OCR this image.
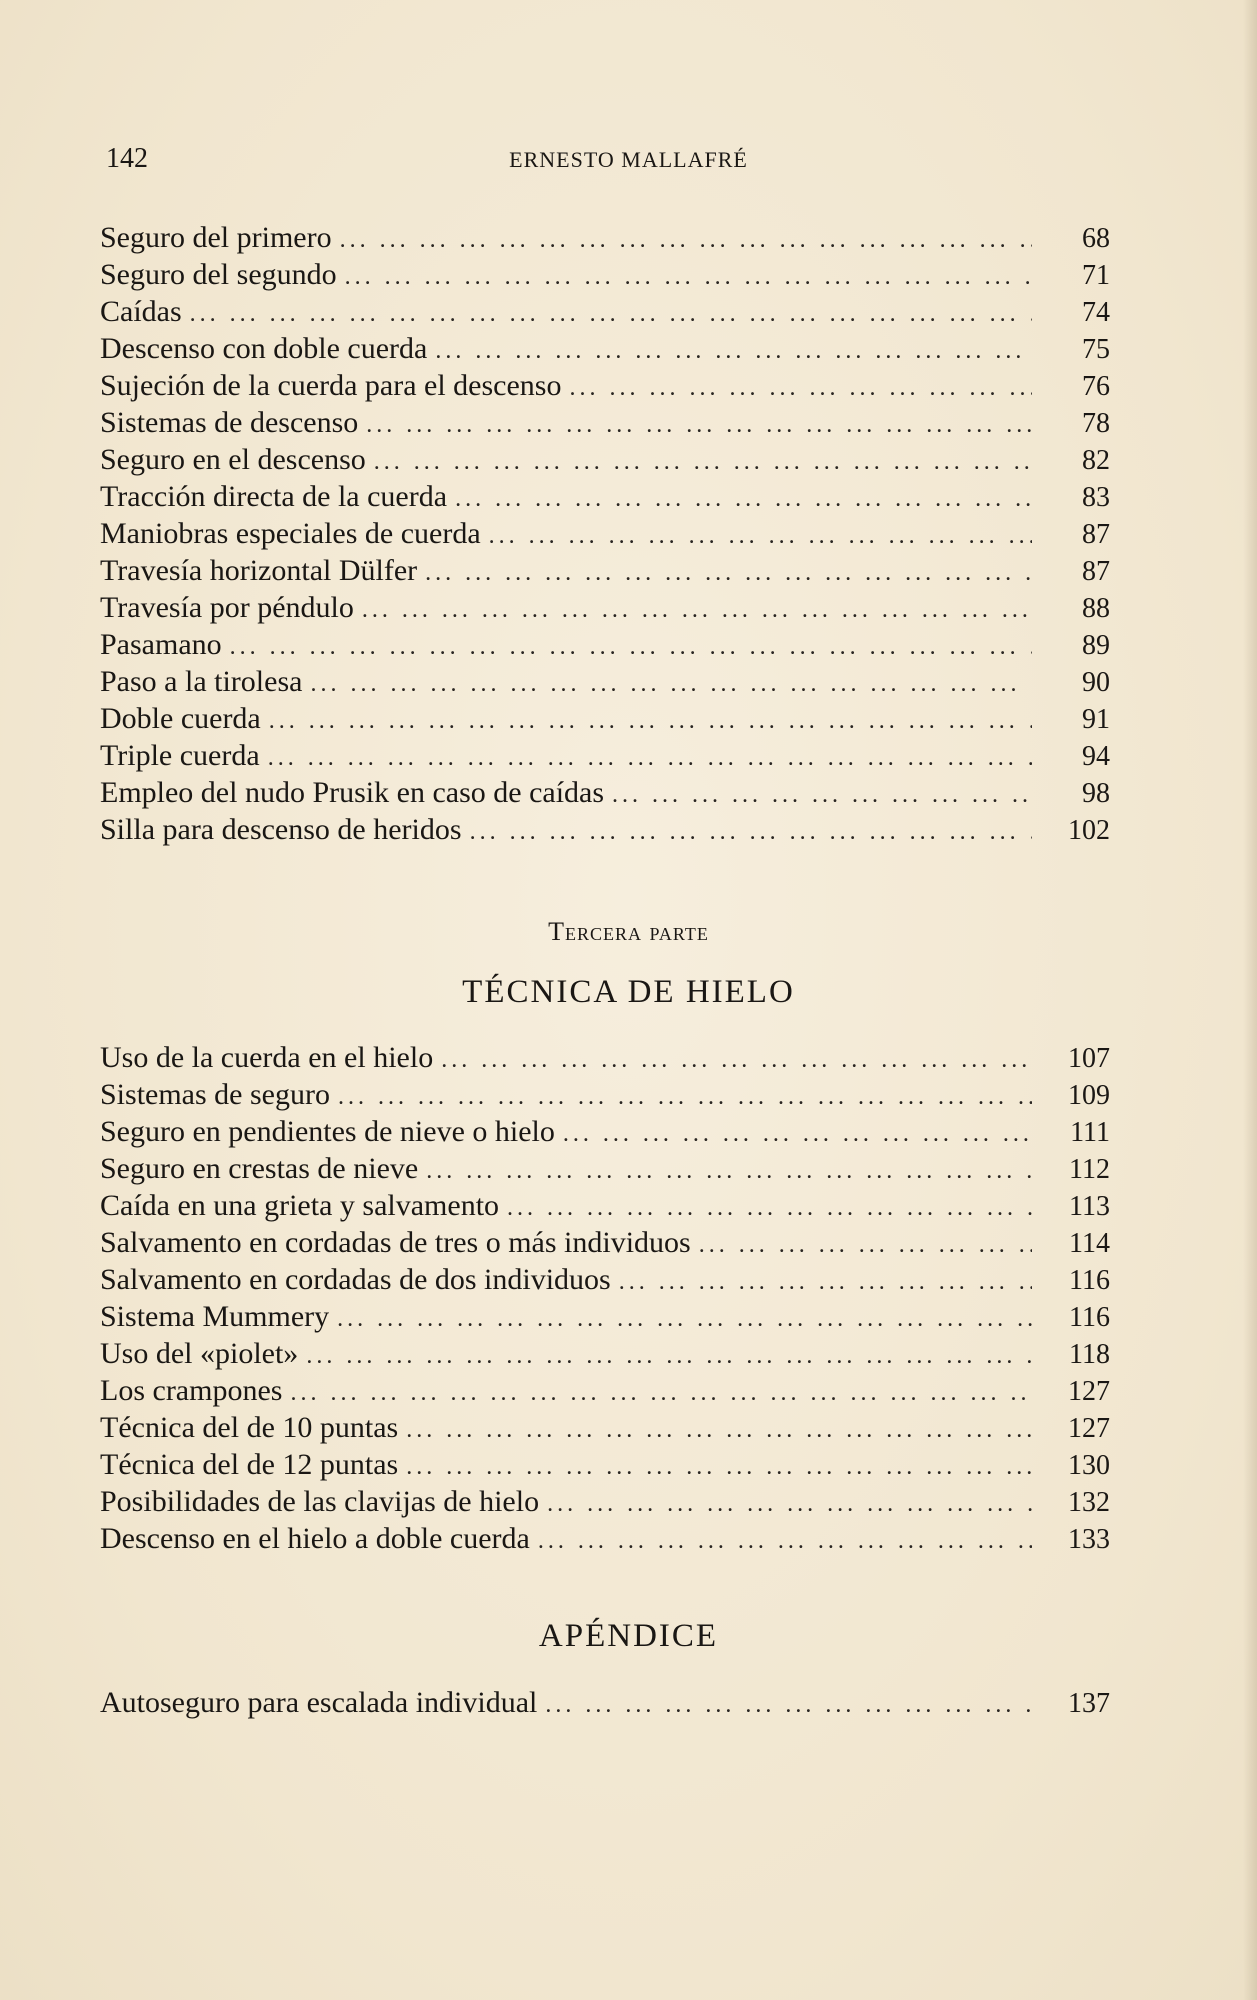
142	ERNESTO MALLAFRÉ
Seguro del primero ... .	68
Seguro del segundo ... .	71
Caídas ... .	74
Descenso con doble cuerda ... .	75
Sujeción de la cuerda para el descenso ... .	76
Sistemas de descenso ... .	78
Seguro en el descenso ... .	82
Tracción directa de la cuerda ... .	83
Maniobras especiales de cuerda ... .	87
Travesía horizontal Dülfer ... .	87
Travesía por péndulo ... .	88
Pasamano ... .	89
Paso a la tirolesa ... .	90
Doble cuerda ... .	91
Triple cuerda ... .	94
Empleo del nudo Prusik en caso de caídas ... .	98
Silla para descenso de heridos ... .	102
Tercera parte
TÉCNICA DE HIELO
Uso de la cuerda en el hielo ... .	107
Sistemas de seguro ... .	109
Seguro en pendientes de nieve o hielo ... .	111
Seguro en crestas de nieve ... .	112
Caída en una grieta y salvamento ... .	113
Salvamento en cordadas de tres o más individuos ... .	114
Salvamento en cordadas de dos individuos ... .	116
Sistema Mummery ... .	116
Uso del «piolet» ... .	118
Los crampones ... .	127
Técnica del de 10 puntas ... .	127
Técnica del de 12 puntas ... .	130
Posibilidades de las clavijas de hielo ... .	132
Descenso en el hielo a doble cuerda ... .	133
APÉNDICE
Autoseguro para escalada individual ... .	137
